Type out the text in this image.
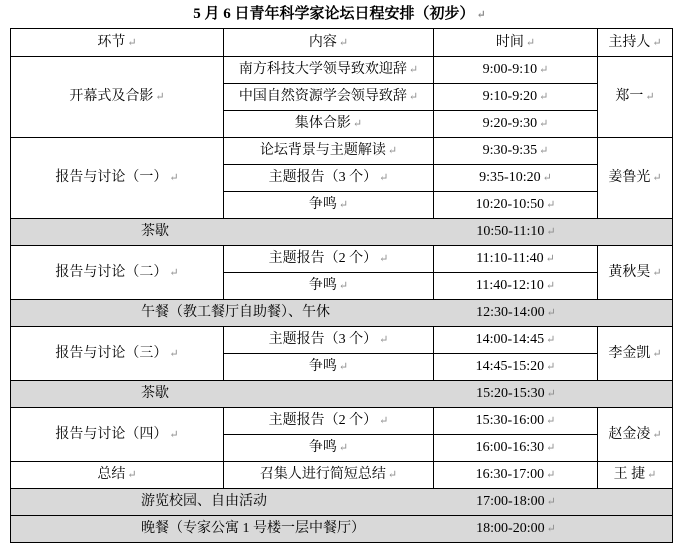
5 月 6 日青年科学家论坛日程安排（初步） ↵
环节 ↵	内容 ↵	时间 ↵	主持人 ↵
开幕式及合影 ↵	南方科技大学领导致欢迎辞 ↵	9:00-9:10 ↵	郑一 ↵
	中国自然资源学会领导致辞 ↵	9:10-9:20 ↵	
	集体合影 ↵	9:20-9:30 ↵	
报告与讨论（一） ↵	论坛背景与主题解读 ↵	9:30-9:35 ↵	姜鲁光 ↵
	主题报告（3 个） ↵	9:35-10:20 ↵	
	争鸣 ↵	10:20-10:50 ↵	

茶歇 10:50-11:10 ↵			

报告与讨论（二） ↵	主题报告（2 个） ↵	11:10-11:40 ↵	黄秋昊 ↵
	争鸣 ↵	11:40-12:10 ↵	

午餐（教工餐厅自助餐）、午休 12:30-14:00 ↵			

报告与讨论（三） ↵	主题报告（3 个） ↵	14:00-14:45 ↵	李金凯 ↵
	争鸣 ↵	14:45-15:20 ↵	

茶歇 15:20-15:30 ↵			

报告与讨论（四） ↵	主题报告（2 个） ↵	15:30-16:00 ↵	赵金凌 ↵
	争鸣 ↵	16:00-16:30 ↵	
总结 ↵	召集人进行简短总结 ↵	16:30-17:00 ↵	王 捷 ↵

游览校园、自由活动 17:00-18:00 ↵			

晚餐（专家公寓 1 号楼一层中餐厅） 18:00-20:00 ↵			
